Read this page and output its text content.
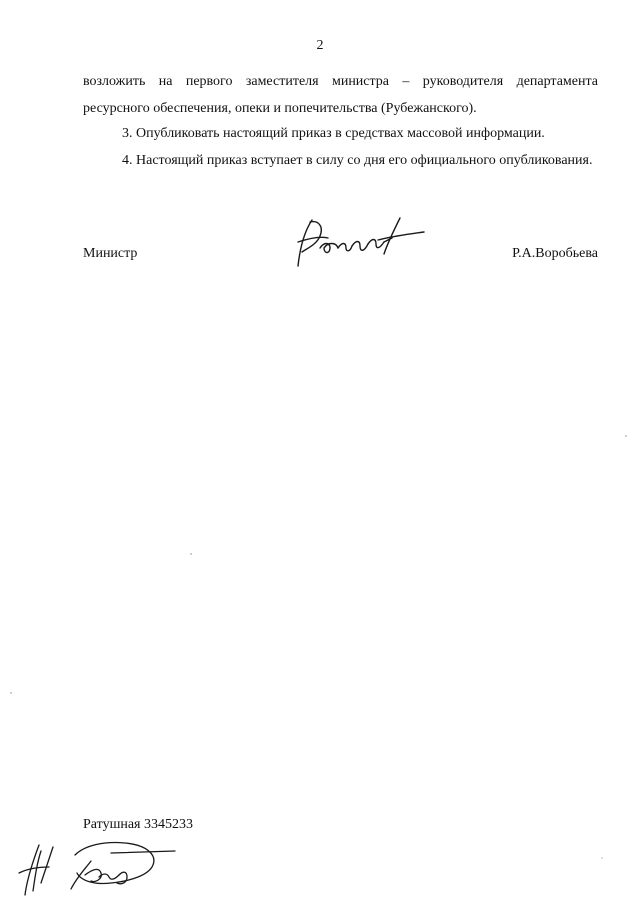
2

возложить на первого заместителя министра – руководителя департамента

ресурсного обеспечения, опеки и попечительства (Рубежанского).

3. Опубликовать настоящий приказ в средствах массовой информации.

4. Настоящий приказ вступает в силу со дня его официального опубликования.

Министр	Р.А.Воробьева
Ратушная 3345233
